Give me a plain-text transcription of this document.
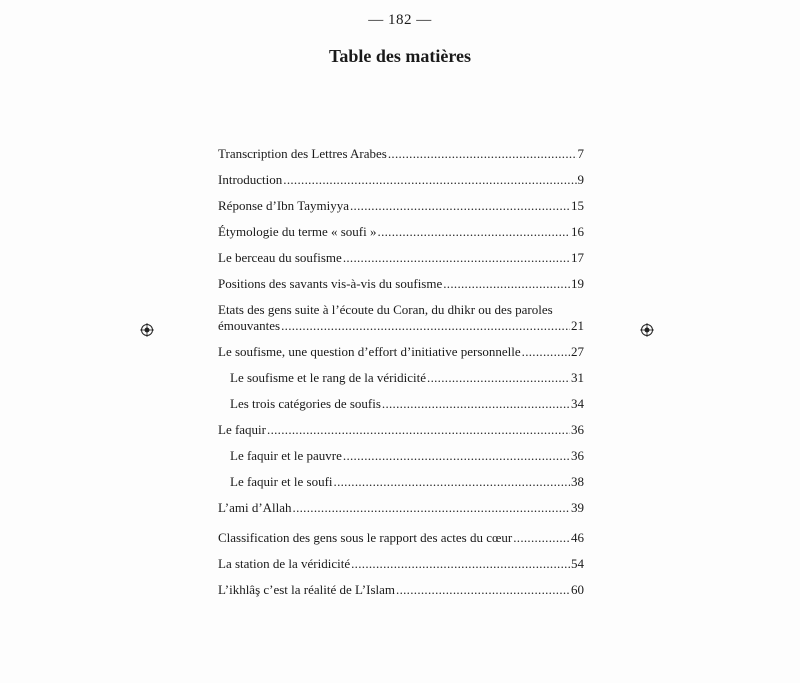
— 182 —
Table des matières
Transcription des Lettres Arabes .....	7
Introduction .....	9
Réponse d’Ibn Taymiyya .....	15
Étymologie du terme « soufi » .....	16
Le berceau du soufisme .....	17
Positions des savants vis-à-vis du soufisme .....	19
Etats des gens suite à l’écoute du Coran, du dhikr ou des paroles
émouvantes .....	21
Le soufisme, une question d’effort d’initiative personnelle .....	27
Le soufisme et le rang de la véridicité .....	31
Les trois catégories de soufis .....	34
Le faquir .....	36
Le faquir et le pauvre .....	36
Le faquir et le soufi .....	38
L’ami d’Allah .....	39
Classification des gens sous le rapport des actes du cœur .....	46
La station de la véridicité .....	54
L’ikhlâş c’est la réalité de L’Islam .....	60
